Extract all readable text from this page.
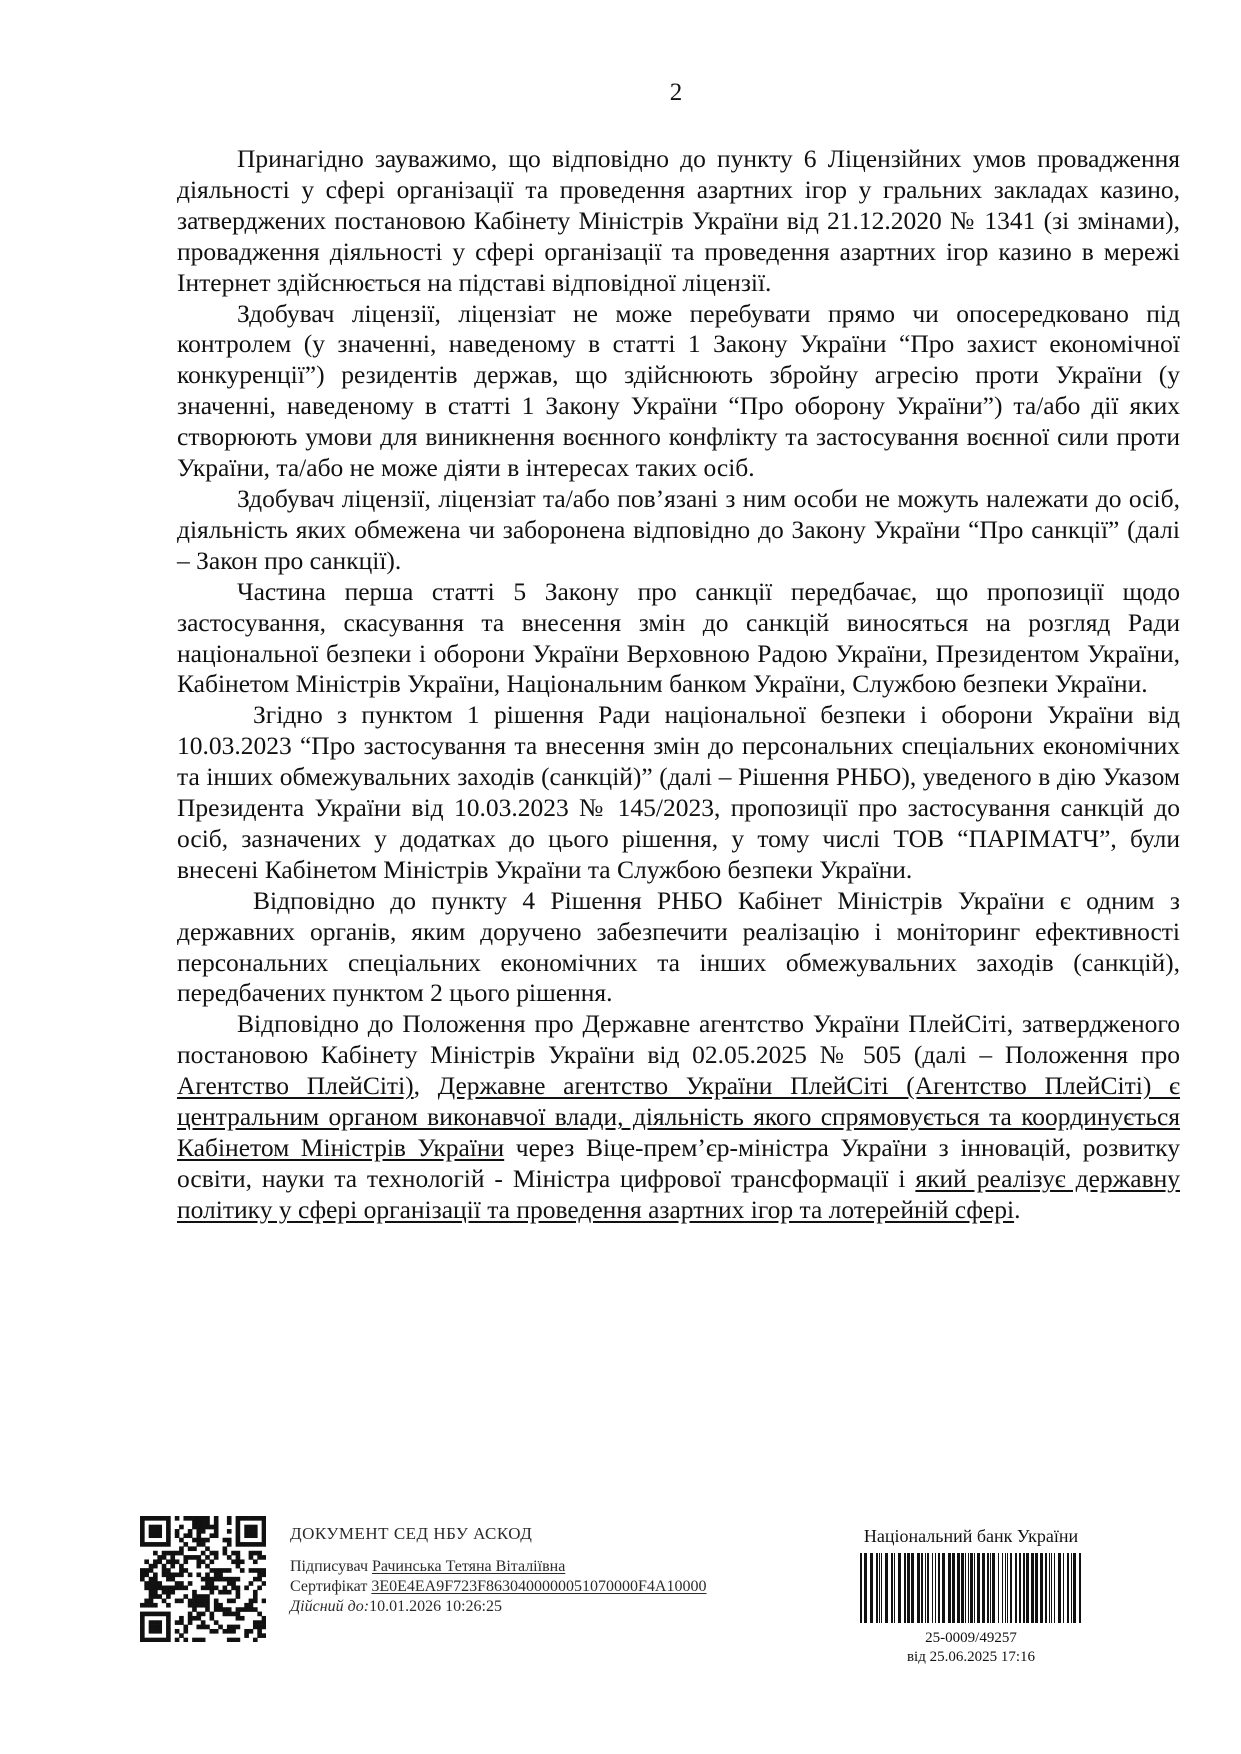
2

Принагідно зауважимо, що відповідно до пункту 6 Ліцензійних умов провадження діяльності у сфері організації та проведення азартних ігор у гральних закладах казино, затверджених постановою Кабінету Міністрів України від 21.12.2020 № 1341 (зі змінами), провадження діяльності у сфері організації та проведення азартних ігор казино в мережі Інтернет здійснюється на підставі відповідної ліцензії.

Здобувач ліцензії, ліцензіат не може перебувати прямо чи опосередковано під контролем (у значенні, наведеному в статті 1 Закону України “Про захист економічної конкуренції”) резидентів держав, що здійснюють збройну агресію проти України (у значенні, наведеному в статті 1 Закону України “Про оборону України”) та/або дії яких створюють умови для виникнення воєнного конфлікту та застосування воєнної сили проти України, та/або не може діяти в інтересах таких осіб.

Здобувач ліцензії, ліцензіат та/або пов’язані з ним особи не можуть належати до осіб, діяльність яких обмежена чи заборонена відповідно до Закону України “Про санкції” (далі – Закон про санкції).

Частина перша статті 5 Закону про санкції передбачає, що пропозиції щодо застосування, скасування та внесення змін до санкцій виносяться на розгляд Ради національної безпеки і оборони України Верховною Радою України, Президентом України, Кабінетом Міністрів України, Національним банком України, Службою безпеки України.

Згідно з пунктом 1 рішення Ради національної безпеки і оборони України від 10.03.2023 “Про застосування та внесення змін до персональних спеціальних економічних та інших обмежувальних заходів (санкцій)” (далі – Рішення РНБО), уведеного в дію Указом Президента України від 10.03.2023 № 145/2023, пропозиції про застосування санкцій до осіб, зазначених у додатках до цього рішення, у тому числі ТОВ “ПАРІМАТЧ”, були внесені Кабінетом Міністрів України та Службою безпеки України.

Відповідно до пункту 4 Рішення РНБО Кабінет Міністрів України є одним з державних органів, яким доручено забезпечити реалізацію і моніторинг ефективності персональних спеціальних економічних та інших обмежувальних заходів (санкцій), передбачених пунктом 2 цього рішення.

Відповідно до Положення про Державне агентство України ПлейСіті, затвердженого постановою Кабінету Міністрів України від 02.05.2025 № 505 (далі – Положення про Агентство ПлейСіті), Державне агентство України ПлейСіті (Агентство ПлейСіті) є центральним органом виконавчої влади, діяльність якого спрямовується та координується Кабінетом Міністрів України через Віце-прем’єр-міністра України з інновацій, розвитку освіти, науки та технологій - Міністра цифрової трансформації і який реалізує державну політику у сфері організації та проведення азартних ігор та лотерейній сфері.

ДОКУМЕНТ СЕД НБУ АСКОД
Підписувач Рачинська Тетяна Віталіївна
Сертифікат 3E0E4EA9F723F8630400000051070000F4A10000
Дійсний до:10.01.2026 10:26:25
Національний банк України
25-0009/49257
від 25.06.2025 17:16
